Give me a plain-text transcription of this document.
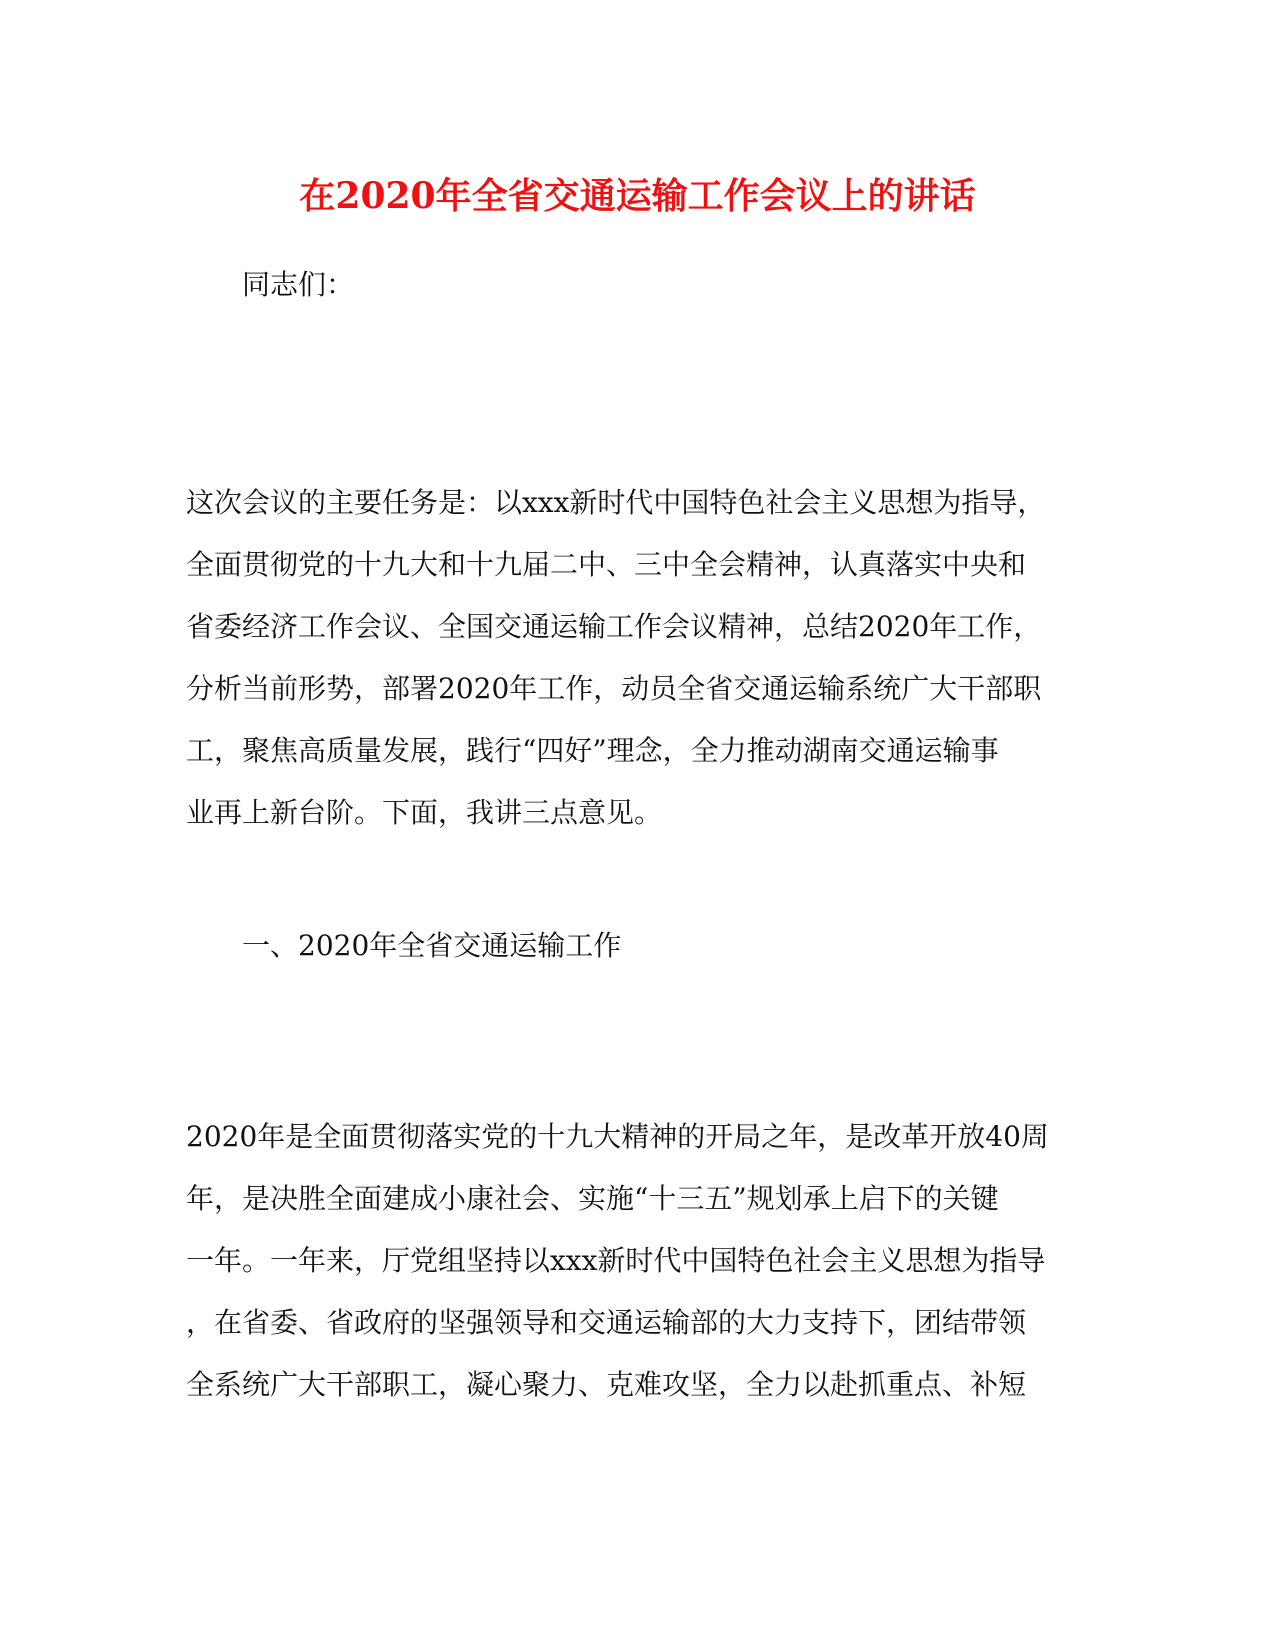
在2020年全省交通运输工作会议上的讲话
同志们：
这次会议的主要任务是：以xxx新时代中国特色社会主义思想为指导，
全面贯彻党的十九大和十九届二中、三中全会精神，认真落实中央和
省委经济工作会议、全国交通运输工作会议精神，总结2020年工作，
分析当前形势，部署2020年工作，动员全省交通运输系统广大干部职
工，聚焦高质量发展，践行“四好”理念，全力推动湖南交通运输事
业再上新台阶。下面，我讲三点意见。
一、2020年全省交通运输工作
2020年是全面贯彻落实党的十九大精神的开局之年，是改革开放40周
年，是决胜全面建成小康社会、实施“十三五”规划承上启下的关键
一年。一年来，厅党组坚持以xxx新时代中国特色社会主义思想为指导
，在省委、省政府的坚强领导和交通运输部的大力支持下，团结带领
全系统广大干部职工，凝心聚力、克难攻坚，全力以赴抓重点、补短
